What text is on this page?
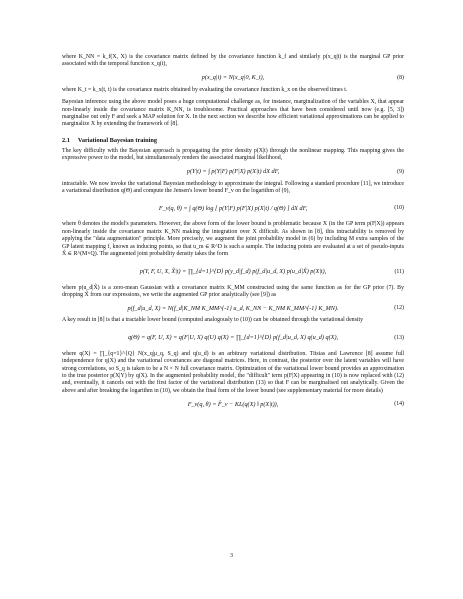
where K_NN = k_f(X, X) is the covariance matrix defined by the covariance function k_f and similarly p(x_q|t) is the marginal GP prior associated with the temporal function x_q(t),

p(x_q|t) = N(x_q|0, K_t),	(8)

where K_t = k_x(t, t) is the covariance matrix obtained by evaluating the covariance function k_x on the observed times t.

Bayesian inference using the above model poses a huge computational challenge as, for instance, marginalization of the variables X, that appear non-linearly inside the covariance matrix K_NN, is troublesome. Practical approaches that have been considered until now (e.g. [5, 3]) marginalise out only F and seek a MAP solution for X. In the next section we describe how efficient variational approximations can be applied to marginalize X by extending the framework of [8].

2.1 Variational Bayesian training

The key difficulty with the Bayesian approach is propagating the prior density p(X|t) through the nonlinear mapping. This mapping gives the expressive power to the model, but simultaneously renders the associated marginal likelihood,

p(Y|t) = ∫ p(Y|F) p(F|X) p(X|t) dX dF,	(9)

intractable. We now invoke the variational Bayesian methodology to approximate the integral. Following a standard procedure [11], we introduce a variational distribution q(Θ) and compute the Jensen's lower bound F_v on the logarithm of (9),

F_v(q, θ) = ∫ q(Θ) log [ p(Y|F) p(F|X) p(X|t) / q(Θ) ] dX dF,	(10)

where θ denotes the model's parameters. However, the above form of the lower bound is problematic because X (in the GP term p(F|X)) appears non-linearly inside the covariance matrix K_NN making the integration over X difficult. As shown in [8], this intractability is removed by applying the "data augmentation" principle. More precisely, we augment the joint probability model in (6) by including M extra samples of the GP latent mapping f, known as inducing points, so that u_m ∈ R^D is such a sample. The inducing points are evaluated at a set of pseudo-inputs X̃ ∈ R^(M×Q). The augmented joint probability density takes the form

p(Y, F, U, X, X̃|t) = ∏_{d=1}^{D} p(y_d|f_d) p(f_d|u_d, X) p(u_d|X̃) p(X|t),	(11)

where p(u_d|X̃) is a zero-mean Gaussian with a covariance matrix K_MM constructed using the same function as for the GP prior (7). By dropping X̃ from our expressions, we write the augmented GP prior analytically (see [9]) as

p(f_d|u_d, X) = N(f_d|K_NM K_MM^{-1} u_d, K_NN − K_NM K_MM^{-1} K_MN).	(12)

A key result in [8] is that a tractable lower bound (computed analogously to (10)) can be obtained through the variational density

q(Θ) = q(F, U, X) = q(F|U, X) q(U) q(X) = ∏_{d=1}^{D} p(f_d|u_d, X) q(u_d) q(X),	(13)

where q(X) = ∏_{q=1}^{Q} N(x_q|μ_q, S_q) and q(u_d) is an arbitrary variational distribution. Titsias and Lawrence [8] assume full independence for q(X) and the variational covariances are diagonal matrices. Here, in contrast, the posterior over the latent variables will have strong correlations, so S_q is taken to be a N × N full covariance matrix. Optimization of the variational lower bound provides an approximation to the true posterior p(X|Y) by q(X). In the augmented probability model, the "difficult" term p(F|X) appearing in (10) is now replaced with (12) and, eventually, it cancels out with the first factor of the variational distribution (13) so that F can be marginalised out analytically. Given the above and after breaking the logarithm in (10), we obtain the final form of the lower bound (see supplementary material for more details)

F_v(q, θ) = F̂_v − KL(q(X) ‖ p(X|t)),	(14)
3
